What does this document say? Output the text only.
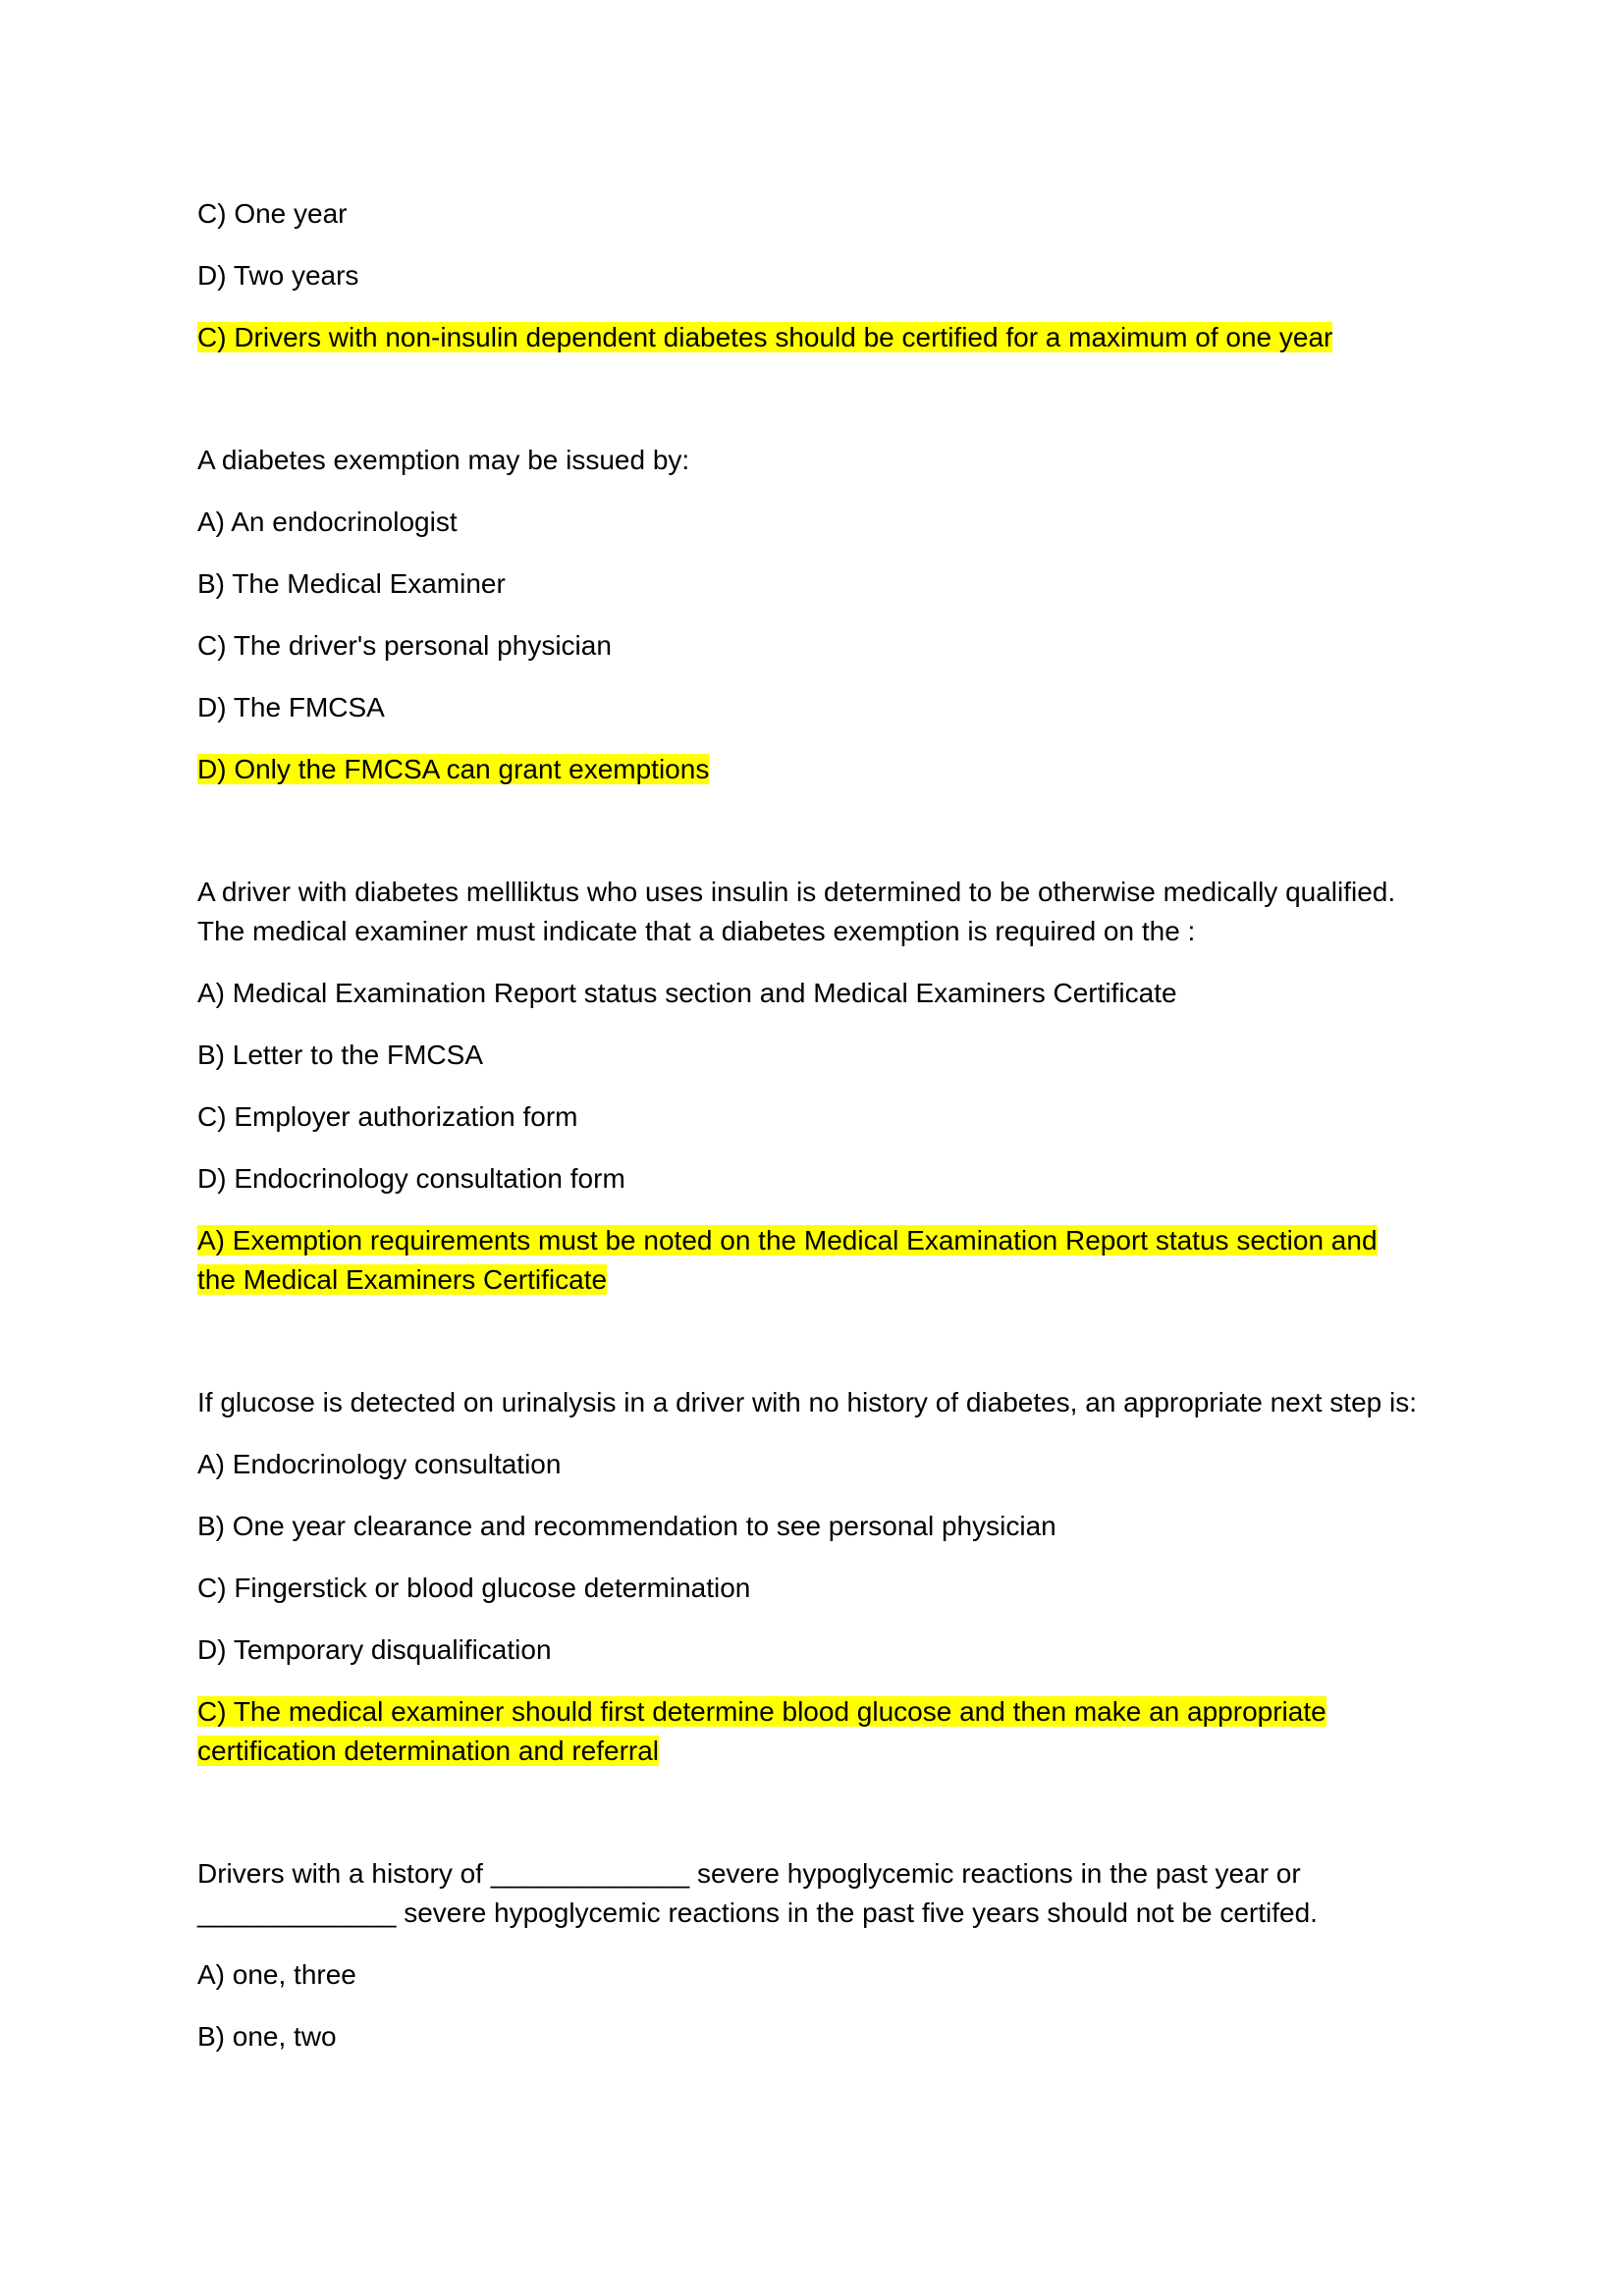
C) One year
D) Two years
C) Drivers with non-insulin dependent diabetes should be certified for a maximum of one year
A diabetes exemption may be issued by:
A) An endocrinologist
B) The Medical Examiner
C) The driver's personal physician
D) The FMCSA
D) Only the FMCSA can grant exemptions
A driver with diabetes mellliktus who uses insulin is determined to be otherwise medically qualified.
The medical examiner must indicate that a diabetes exemption is required on the :
A) Medical Examination Report status section and Medical Examiners Certificate
B) Letter to the FMCSA
C) Employer authorization form
D) Endocrinology consultation form
A) Exemption requirements must be noted on the Medical Examination Report status section and
the Medical Examiners Certificate
If glucose is detected on urinalysis in a driver with no history of diabetes, an appropriate next step is:
A) Endocrinology consultation
B) One year clearance and recommendation to see personal physician
C) Fingerstick or blood glucose determination
D) Temporary disqualification
C) The medical examiner should first determine blood glucose and then make an appropriate
certification determination and referral
Drivers with a history of _____________ severe hypoglycemic reactions in the past year or
_____________ severe hypoglycemic reactions in the past five years should not be certifed.
A) one, three
B) one, two
